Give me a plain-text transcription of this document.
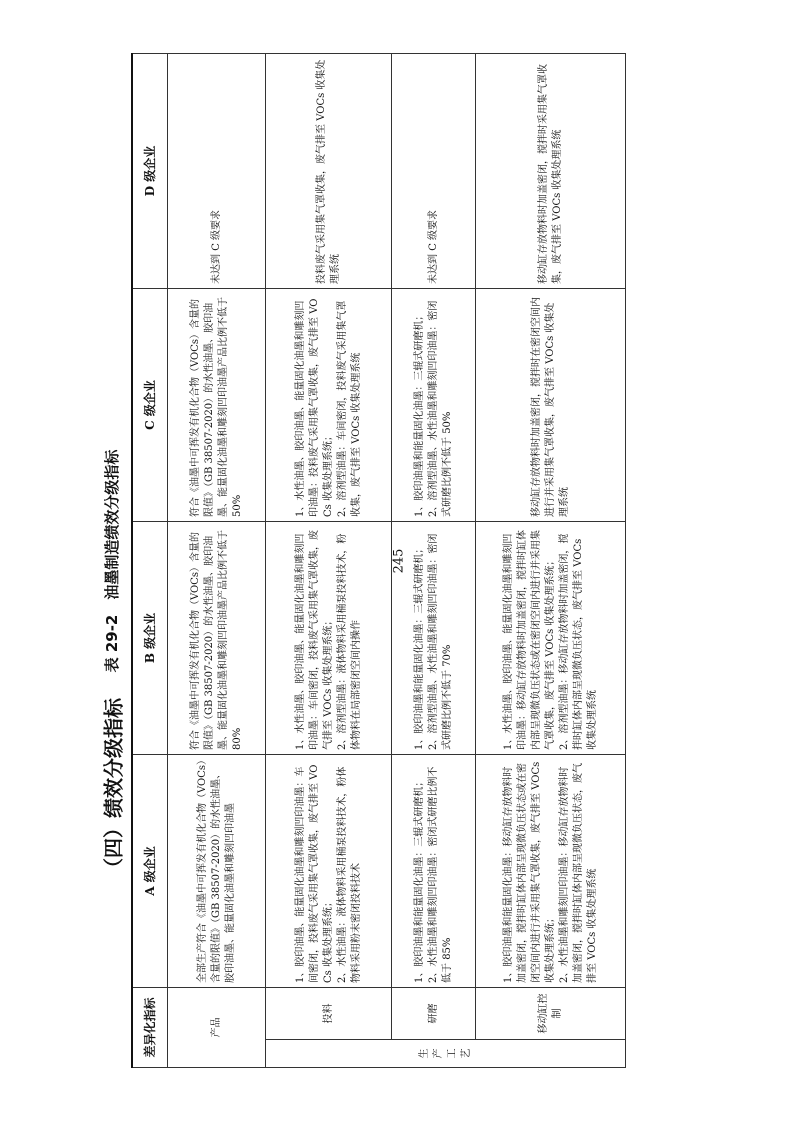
（四）绩效分级指标
245
表 29-2　油墨制造绩效分级指标
差异化指标		A 级企业	B 级企业	C 级企业	D 级企业
产品		全部生产符合《油墨中可挥发有机化合物（VOCs）含量的限值》（GB 38507-2020）的水性油墨、胶印油墨、能量固化油墨和雕刻凹印油墨	符合《油墨中可挥发有机化合物（VOCs）含量的限值》（GB 38507-2020）的水性油墨、胶印油墨、能量固化油墨和雕刻凹印油墨产品比例不低于 80%	符合《油墨中可挥发有机化合物（VOCs）含量的限值》（GB 38507-2020）的水性油墨、胶印油墨、能量固化油墨和雕刻凹印油墨产品比例不低于 50%	未达到 C 级要求
生产工艺	投料	1、胶印油墨、能量固化油墨和雕刻凹印油墨：车间密闭，投料废气采用集气罩收集，废气排至 VOCs 收集处理系统； 2、水性油墨：液体物料采用桶泵投料技术，粉体物料采用粉末密闭投料技术	1、水性油墨、胶印油墨、能量固化油墨和雕刻凹印油墨：车间密闭，投料废气采用集气罩收集，废气排至 VOCs 收集处理系统； 2、溶剂型油墨：液体物料采用桶泵投料技术，粉体物料在局部密闭空间内操作	1、水性油墨、胶印油墨、能量固化油墨和雕刻凹印油墨：投料废气采用集气罩收集，废气排至 VOCs 收集处理系统； 2、溶剂型油墨：车间密闭，投料废气采用集气罩收集，废气排至 VOCs 收集处理系统	投料废气采用集气罩收集，废气排至 VOCs 收集处理系统
	研磨	1、胶印油墨和能量固化油墨：三辊式研磨机； 2、水性油墨和雕刻凹印油墨：密闭式研磨比例不低于 85%	1、胶印油墨和能量固化油墨：三辊式研磨机； 2、溶剂型油墨、水性油墨和雕刻凹印油墨：密闭式研磨比例不低于 70%	1、胶印油墨和能量固化油墨：三辊式研磨机； 2、溶剂型油墨、水性油墨和雕刻凹印油墨：密闭式研磨比例不低于 50%	未达到 C 级要求
	移动缸控制	1、胶印油墨和能量固化油墨：移动缸存放物料时加盖密闭，搅拌时缸体内部呈现微负压状态或在密闭空间内进行并采用集气罩收集，废气排至 VOCs 收集处理系统； 2、水性油墨和雕刻凹印油墨：移动缸存放物料时加盖密闭，搅拌时缸体内部呈现微负压状态，废气排至 VOCs 收集处理系统	1、水性油墨、胶印油墨、能量固化油墨和雕刻凹印油墨：移动缸存放物料时加盖密闭，搅拌时缸体内部呈现微负压状态或在密闭空间内进行并采用集气罩收集，废气排至 VOCs 收集处理系统； 2、溶剂型油墨：移动缸存放物料时加盖密闭，搅拌时缸体内部呈现微负压状态，废气排至 VOCs 收集处理系统	移动缸存放物料时加盖密闭，搅拌时在密闭空间内进行并采用集气罩收集，废气排至 VOCs 收集处理系统	移动缸存放物料时加盖密闭，搅拌时采用集气罩收集，废气排至 VOCs 收集处理系统
